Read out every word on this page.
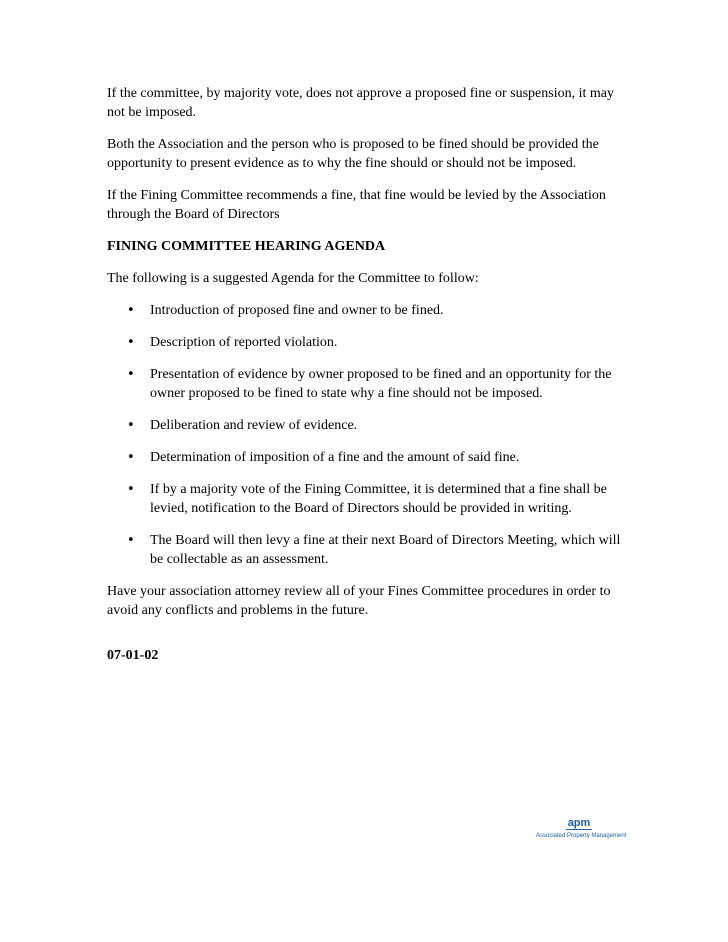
If the committee, by majority vote, does not approve a proposed fine or suspension, it may not be imposed.

Both the Association and the person who is proposed to be fined should be provided the opportunity to present evidence as to why the fine should or should not be imposed.

If the Fining Committee recommends a fine, that fine would be levied by the Association through the Board of Directors

FINING COMMITTEE HEARING AGENDA

The following is a suggested Agenda for the Committee to follow:

• Introduction of proposed fine and owner to be fined.
• Description of reported violation.
• Presentation of evidence by owner proposed to be fined and an opportunity for the owner proposed to be fined to state why a fine should not be imposed.
• Deliberation and review of evidence.
• Determination of imposition of a fine and the amount of said fine.
• If by a majority vote of the Fining Committee, it is determined that a fine shall be levied, notification to the Board of Directors should be provided in writing.
• The Board will then levy a fine at their next Board of Directors Meeting, which will be collectable as an assessment.

Have your association attorney review all of your Fines Committee procedures in order to avoid any conflicts and problems in the future.

07-01-02

apm
Associated Property Management
